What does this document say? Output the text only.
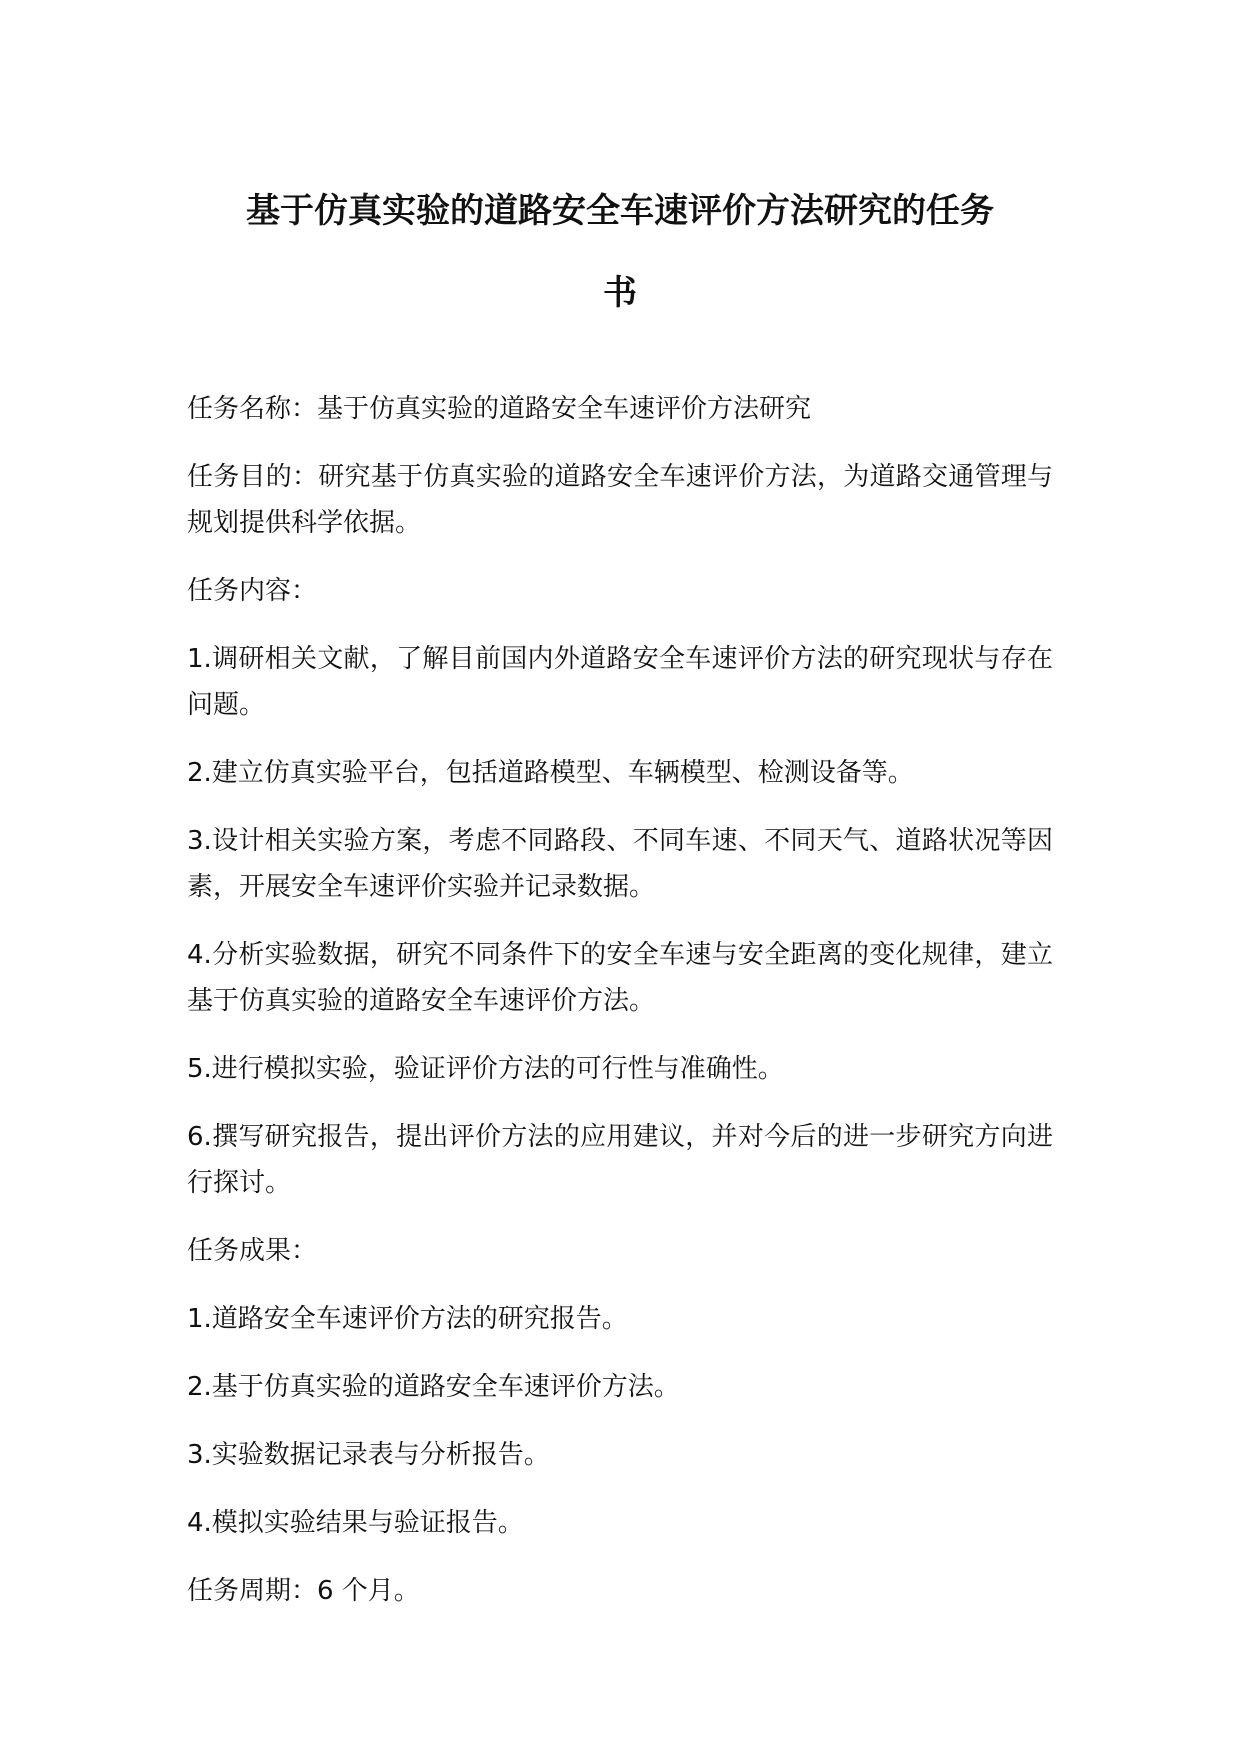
基于仿真实验的道路安全车速评价方法研究的任务
书

任务名称：基于仿真实验的道路安全车速评价方法研究

任务目的：研究基于仿真实验的道路安全车速评价方法，为道路交通管理与规划提供科学依据。

任务内容：

1.调研相关文献，了解目前国内外道路安全车速评价方法的研究现状与存在问题。

2.建立仿真实验平台，包括道路模型、车辆模型、检测设备等。

3.设计相关实验方案，考虑不同路段、不同车速、不同天气、道路状况等因素，开展安全车速评价实验并记录数据。

4.分析实验数据，研究不同条件下的安全车速与安全距离的变化规律，建立基于仿真实验的道路安全车速评价方法。

5.进行模拟实验，验证评价方法的可行性与准确性。

6.撰写研究报告，提出评价方法的应用建议，并对今后的进一步研究方向进行探讨。

任务成果：

1.道路安全车速评价方法的研究报告。

2.基于仿真实验的道路安全车速评价方法。

3.实验数据记录表与分析报告。

4.模拟实验结果与验证报告。

任务周期：6 个月。
